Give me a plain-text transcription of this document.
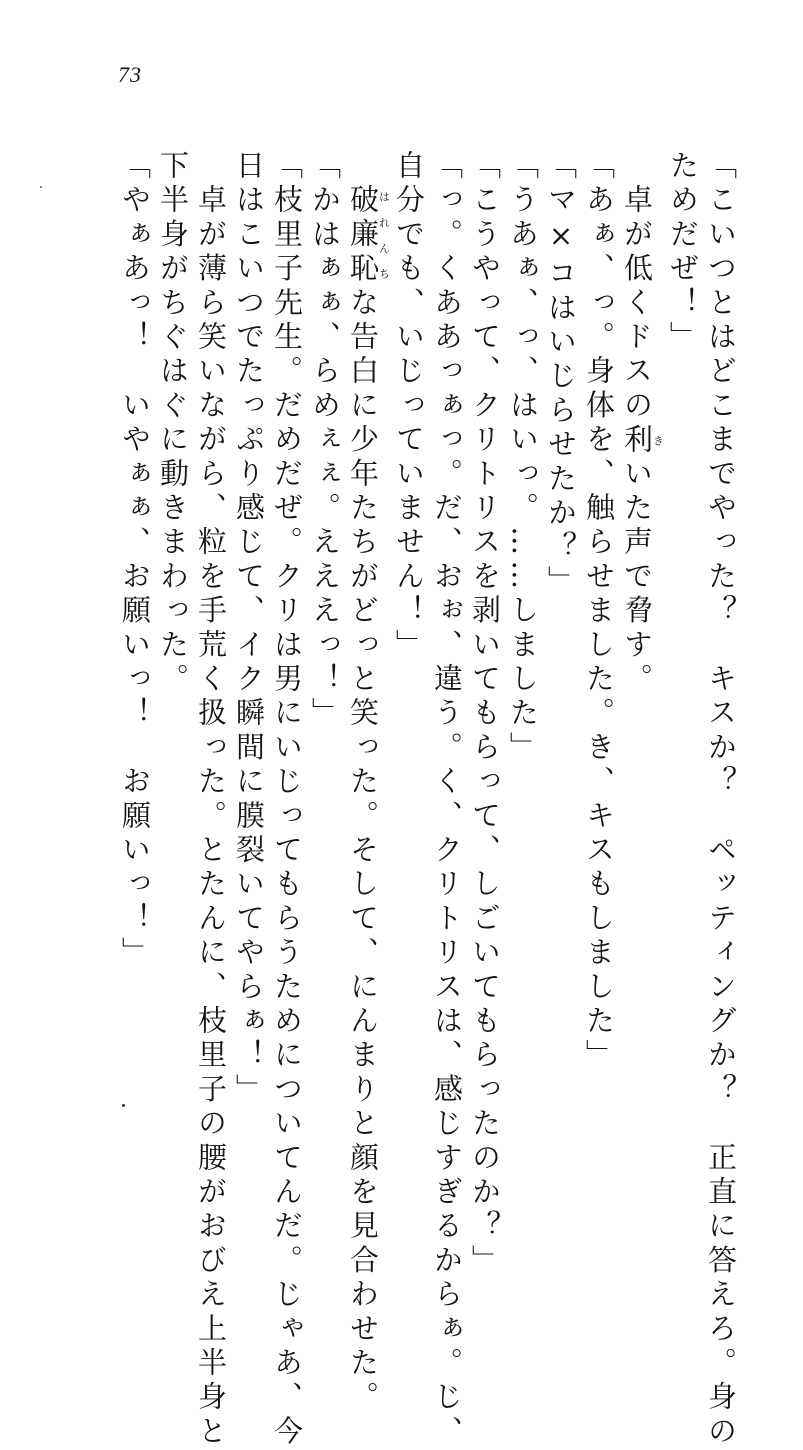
73
「こいつとはどこまでやった？　キスか？　ペッティングか？　正直に答えろ。身の
ためだぜ！」
　卓が低くドスの利きいた声で脅す。
「あぁ、っ。身体を、触らせました。き、キスもしました」
「マ×コはいじらせたか？」
「うあぁ、っ、はいっ。……しました」
「こうやって、クリトリスを剥いてもらって、しごいてもらったのか？」
「っ。くああっぁっ。だ、おぉ、違う。く、クリトリスは、感じすぎるからぁ。じ、
自分でも、いじっていません！」
　破廉恥はれんちな告白に少年たちがどっと笑った。そして、にんまりと顔を見合わせた。
「かはぁぁ、らめぇぇ。えええっ！」
「枝里子先生。だめだぜ。クリは男にいじってもらうためについてんだ。じゃあ、今
日はこいつでたっぷり感じて、イク瞬間に膜裂いてやらぁ！」
　卓が薄ら笑いながら、粒を手荒く扱った。とたんに、枝里子の腰がおびえ上半身と
下半身がちぐはぐに動きまわった。
「やぁあっ！　いやぁぁ、お願いっ！　お願いっ！」
